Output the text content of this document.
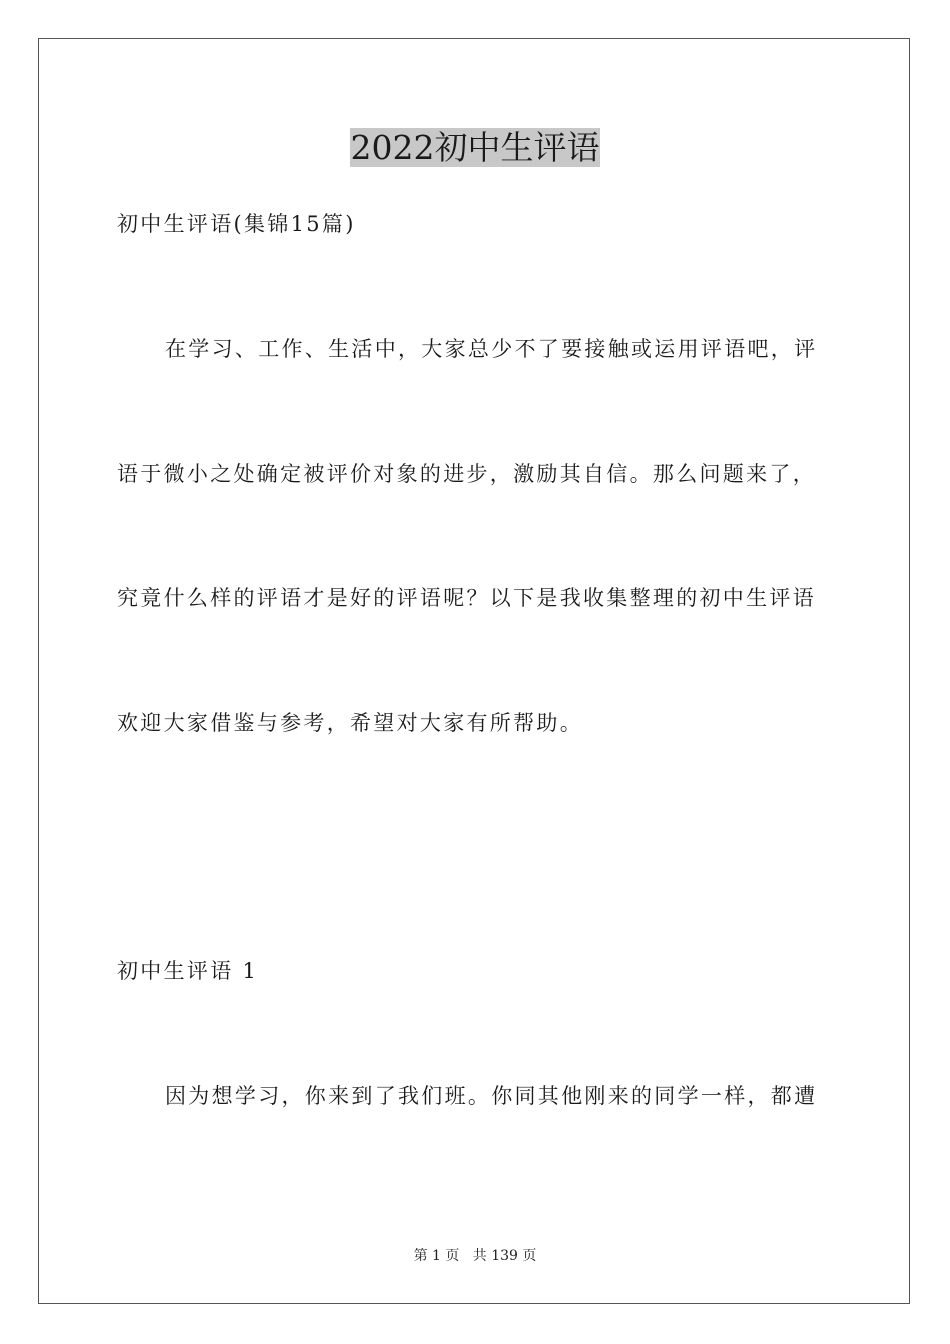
2022初中生评语

初中生评语(集锦15篇)

在学习、工作、生活中，大家总少不了要接触或运用评语吧，评

语于微小之处确定被评价对象的进步，激励其自信。那么问题来了，

究竟什么样的评语才是好的评语呢？以下是我收集整理的初中生评语

欢迎大家借鉴与参考，希望对大家有所帮助。

初中生评语 1

因为想学习，你来到了我们班。你同其他刚来的同学一样，都遭

第 1 页 共 139 页
